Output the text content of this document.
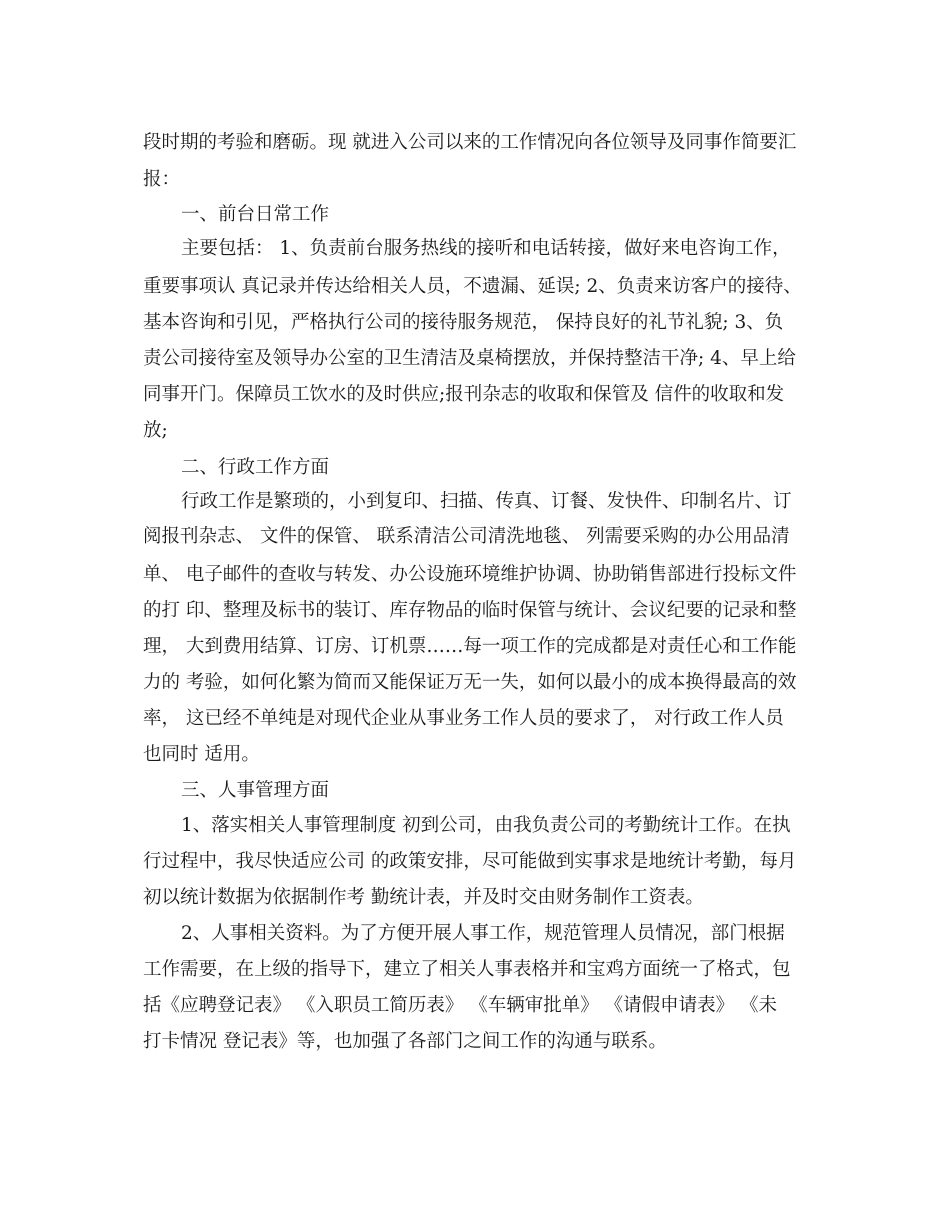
段时期的考验和磨砺。现 就进入公司以来的工作情况向各位领导及同事作简要汇
报：
一、前台日常工作
主要包括： 1、负责前台服务热线的接听和电话转接，做好来电咨询工作，
重要事项认 真记录并传达给相关人员，不遗漏、延误; 2、负责来访客户的接待、
基本咨询和引见，严格执行公司的接待服务规范， 保持良好的礼节礼貌; 3、负
责公司接待室及领导办公室的卫生清洁及桌椅摆放，并保持整洁干净; 4、早上给
同事开门。保障员工饮水的及时供应;报刊杂志的收取和保管及 信件的收取和发
放;
二、行政工作方面
行政工作是繁琐的，小到复印、扫描、传真、订餐、发快件、印制名片、订
阅报刊杂志、 文件的保管、 联系清洁公司清洗地毯、 列需要采购的办公用品清
单、 电子邮件的查收与转发、办公设施环境维护协调、协助销售部进行投标文件
的打 印、整理及标书的装订、库存物品的临时保管与统计、会议纪要的记录和整
理， 大到费用结算、订房、订机票……每一项工作的完成都是对责任心和工作能
力的 考验，如何化繁为简而又能保证万无一失，如何以最小的成本换得最高的效
率， 这已经不单纯是对现代企业从事业务工作人员的要求了， 对行政工作人员
也同时 适用。
三、人事管理方面
1、落实相关人事管理制度 初到公司，由我负责公司的考勤统计工作。在执
行过程中，我尽快适应公司 的政策安排，尽可能做到实事求是地统计考勤，每月
初以统计数据为依据制作考 勤统计表，并及时交由财务制作工资表。
2、人事相关资料。为了方便开展人事工作，规范管理人员情况，部门根据
工作需要，在上级的指导下，建立了相关人事表格并和宝鸡方面统一了格式，包
括《应聘登记表》 《入职员工简历表》 《车辆审批单》 《请假申请表》 《未
打卡情况 登记表》等，也加强了各部门之间工作的沟通与联系。
